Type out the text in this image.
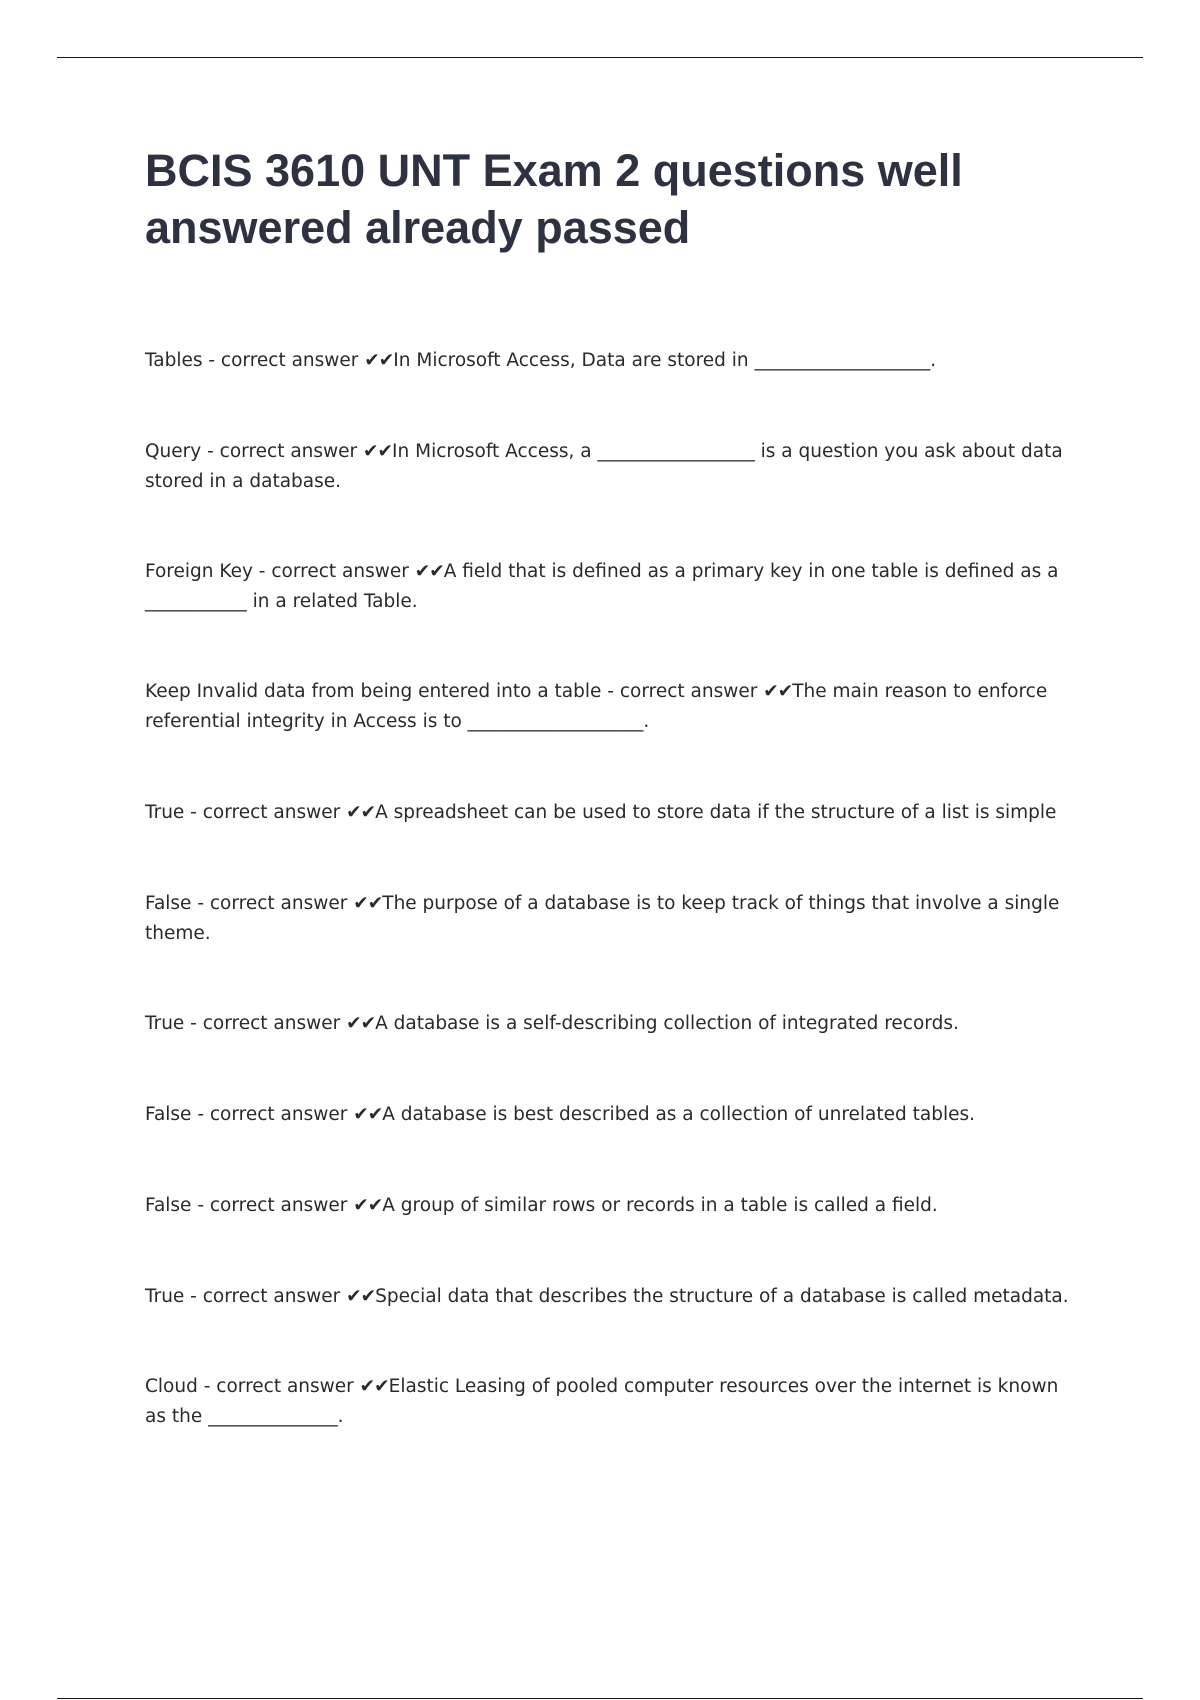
BCIS 3610 UNT Exam 2 questions well answered already passed

Tables - correct answer ✔✔In Microsoft Access, Data are stored in ___________________.

Query - correct answer ✔✔In Microsoft Access, a _________________ is a question you ask about data stored in a database.

Foreign Key - correct answer ✔✔A field that is defined as a primary key in one table is defined as a ___________ in a related Table.

Keep Invalid data from being entered into a table - correct answer ✔✔The main reason to enforce referential integrity in Access is to ___________________.

True - correct answer ✔✔A spreadsheet can be used to store data if the structure of a list is simple

False - correct answer ✔✔The purpose of a database is to keep track of things that involve a single theme.

True - correct answer ✔✔A database is a self-describing collection of integrated records.

False - correct answer ✔✔A database is best described as a collection of unrelated tables.

False - correct answer ✔✔A group of similar rows or records in a table is called a field.

True - correct answer ✔✔Special data that describes the structure of a database is called metadata.

Cloud - correct answer ✔✔Elastic Leasing of pooled computer resources over the internet is known as the ______________.
